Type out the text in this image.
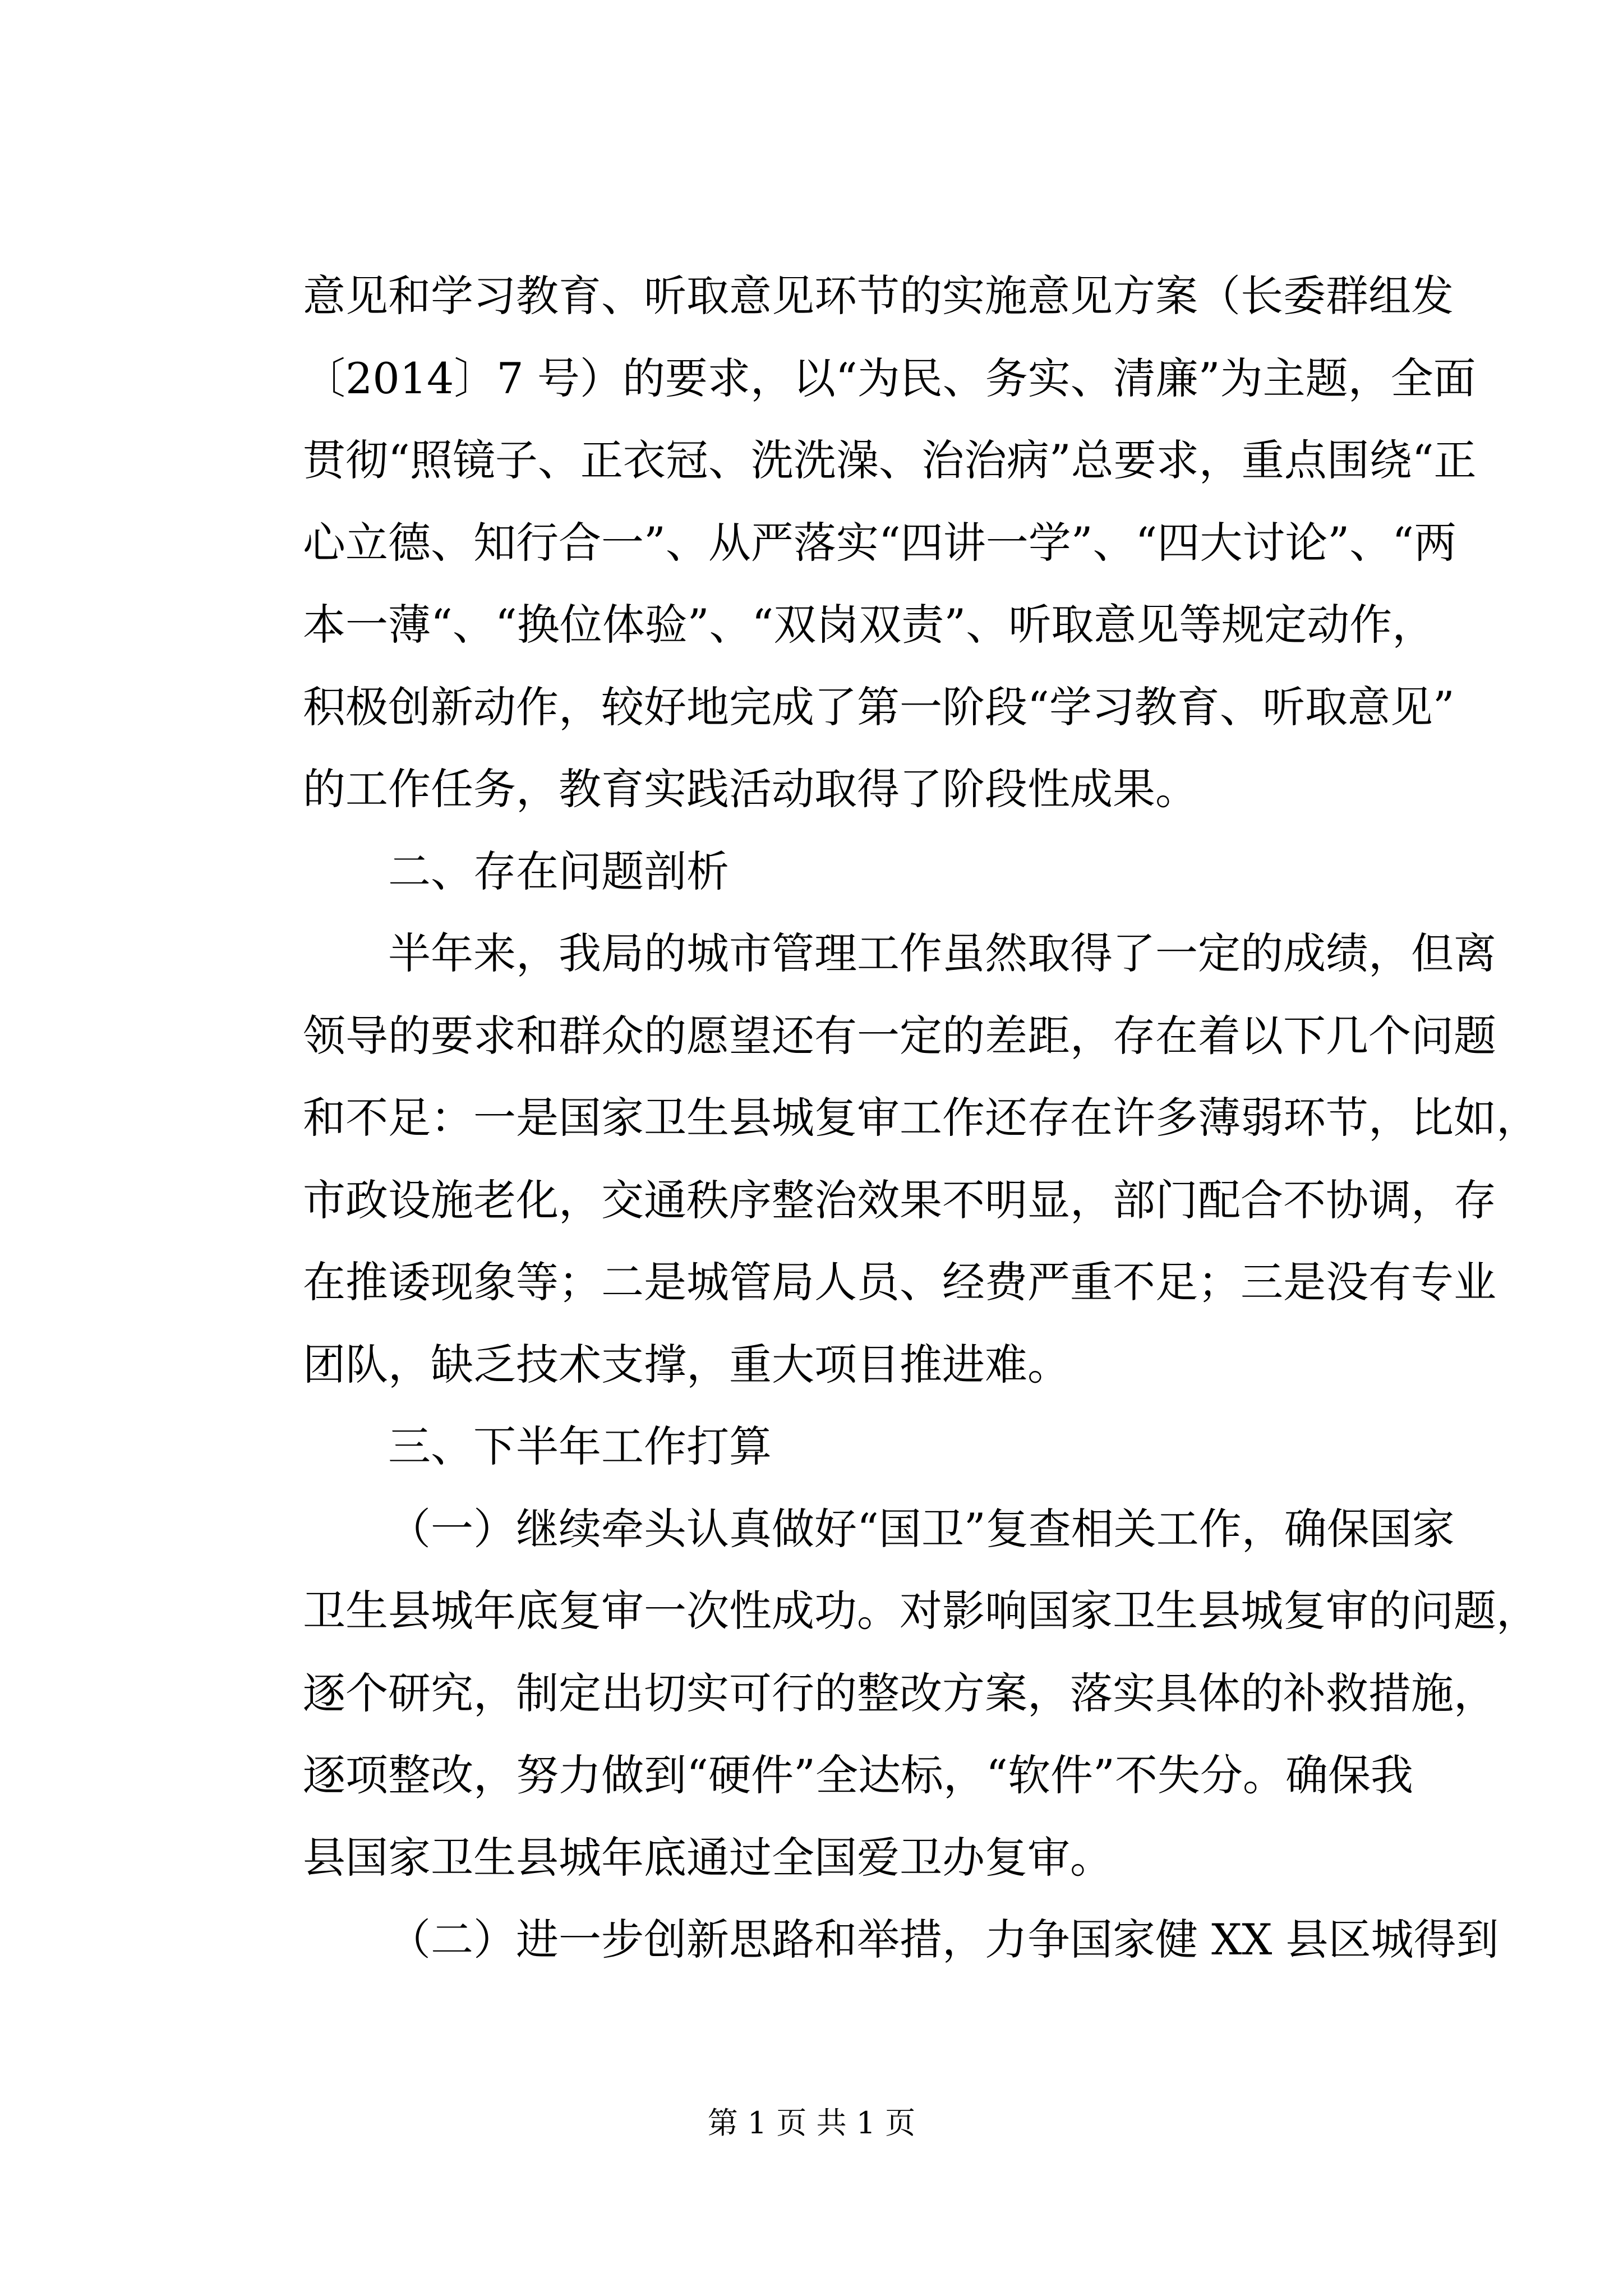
意见和学习教育、听取意见环节的实施意见方案（长委群组发
〔2014〕7 号）的要求，以“为民、务实、清廉”为主题，全面
贯彻“照镜子、正衣冠、洗洗澡、治治病”总要求，重点围绕“正
心立德、知行合一”、从严落实“四讲一学”、“四大讨论”、“两
本一薄“、“换位体验”、“双岗双责”、听取意见等规定动作，
积极创新动作，较好地完成了第一阶段“学习教育、听取意见”
的工作任务，教育实践活动取得了阶段性成果。
二、存在问题剖析
半年来，我局的城市管理工作虽然取得了一定的成绩，但离
领导的要求和群众的愿望还有一定的差距，存在着以下几个问题
和不足：一是国家卫生县城复审工作还存在许多薄弱环节，比如，
市政设施老化，交通秩序整治效果不明显，部门配合不协调，存
在推诿现象等；二是城管局人员、经费严重不足；三是没有专业
团队，缺乏技术支撑，重大项目推进难。
三、下半年工作打算
（一）继续牵头认真做好“国卫”复查相关工作，确保国家
卫生县城年底复审一次性成功。对影响国家卫生县城复审的问题，
逐个研究，制定出切实可行的整改方案，落实具体的补救措施，
逐项整改，努力做到“硬件”全达标，“软件”不失分。确保我
县国家卫生县城年底通过全国爱卫办复审。
（二）进一步创新思路和举措，力争国家健 XX 县区城得到
第 1 页 共 1 页
